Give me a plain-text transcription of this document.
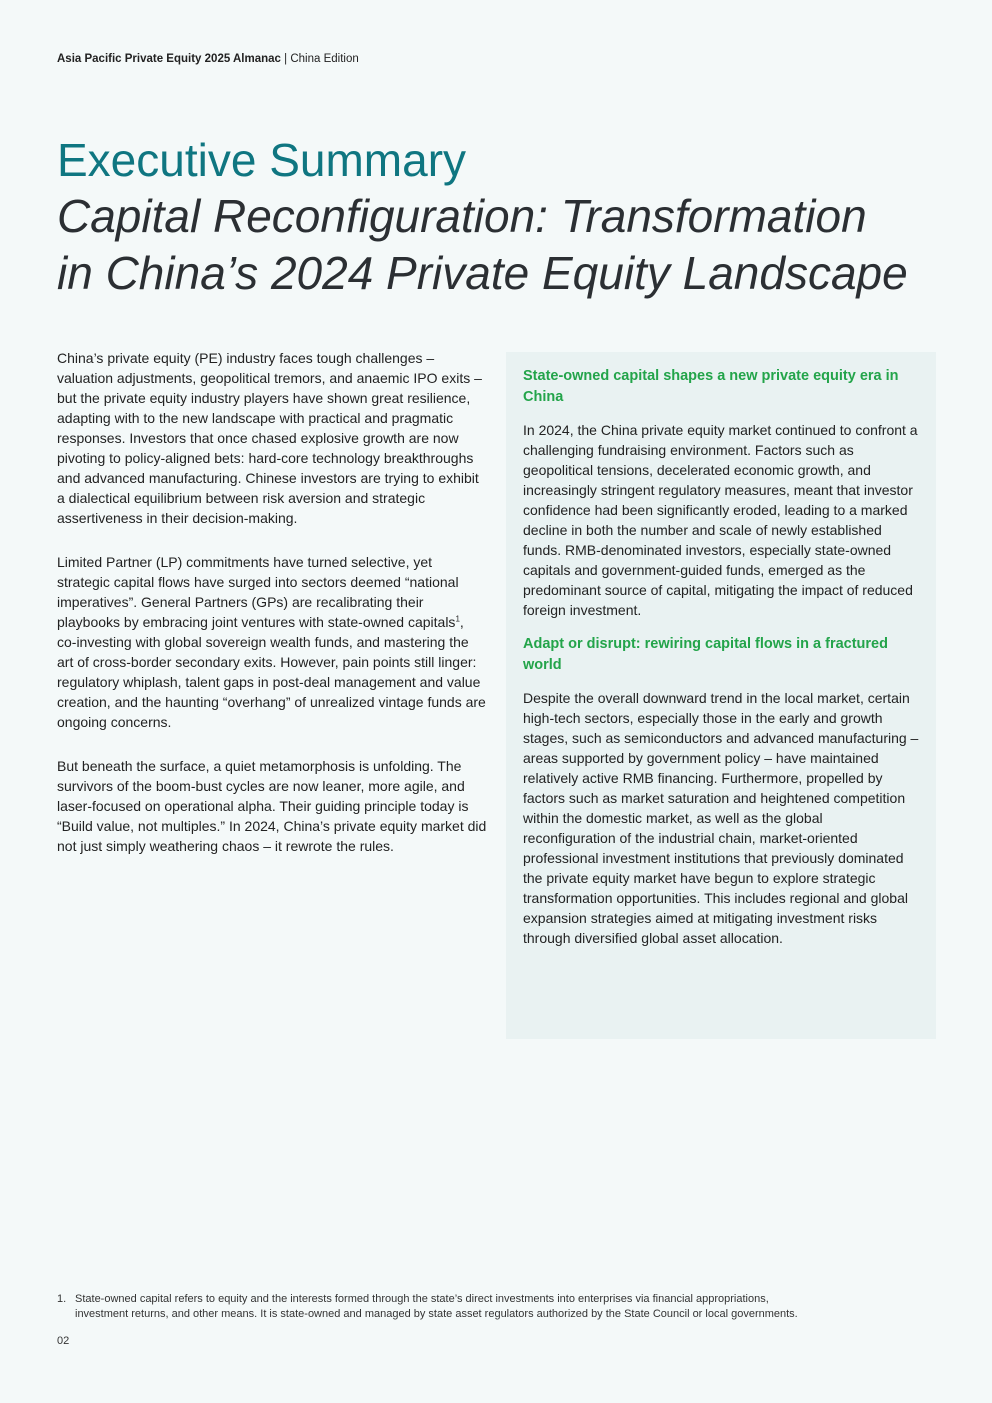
Asia Pacific Private Equity 2025 Almanac | China Edition
Executive Summary
Capital Reconfiguration: Transformation
in China’s 2024 Private Equity Landscape

China’s private equity (PE) industry faces tough challenges – valuation adjustments, geopolitical tremors, and anaemic IPO exits – but the private equity industry players have shown great resilience, adapting with to the new landscape with practical and pragmatic responses. Investors that once chased explosive growth are now pivoting to policy-aligned bets: hard-core technology breakthroughs and advanced manufacturing. Chinese investors are trying to exhibit a dialectical equilibrium between risk aversion and strategic assertiveness in their decision-making.

Limited Partner (LP) commitments have turned selective, yet strategic capital flows have surged into sectors deemed “national imperatives”. General Partners (GPs) are recalibrating their playbooks by embracing joint ventures with state-owned capitals$^1$, co-investing with global sovereign wealth funds, and mastering the art of cross-border secondary exits. However, pain points still linger: regulatory whiplash, talent gaps in post-deal management and value creation, and the haunting “overhang” of unrealized vintage funds are ongoing concerns.

But beneath the surface, a quiet metamorphosis is unfolding. The survivors of the boom-bust cycles are now leaner, more agile, and laser-focused on operational alpha. Their guiding principle today is “Build value, not multiples.” In 2024, China’s private equity market did not just simply weathering chaos – it rewrote the rules.

State-owned capital shapes a new private equity era in China

In 2024, the China private equity market continued to confront a challenging fundraising environment. Factors such as geopolitical tensions, decelerated economic growth, and increasingly stringent regulatory measures, meant that investor confidence had been significantly eroded, leading to a marked decline in both the number and scale of newly established funds. RMB-denominated investors, especially state-owned capitals and government-guided funds, emerged as the predominant source of capital, mitigating the impact of reduced foreign investment.

Adapt or disrupt: rewiring capital flows in a fractured world

Despite the overall downward trend in the local market, certain high-tech sectors, especially those in the early and growth stages, such as semiconductors and advanced manufacturing – areas supported by government policy – have maintained relatively active RMB financing. Furthermore, propelled by factors such as market saturation and heightened competition within the domestic market, as well as the global reconfiguration of the industrial chain, market-oriented professional investment institutions that previously dominated the private equity market have begun to explore strategic transformation opportunities. This includes regional and global expansion strategies aimed at mitigating investment risks through diversified global asset allocation.

1. State-owned capital refers to equity and the interests formed through the state’s direct investments into enterprises via financial appropriations,
investment returns, and other means. It is state-owned and managed by state asset regulators authorized by the State Council or local governments.
02
